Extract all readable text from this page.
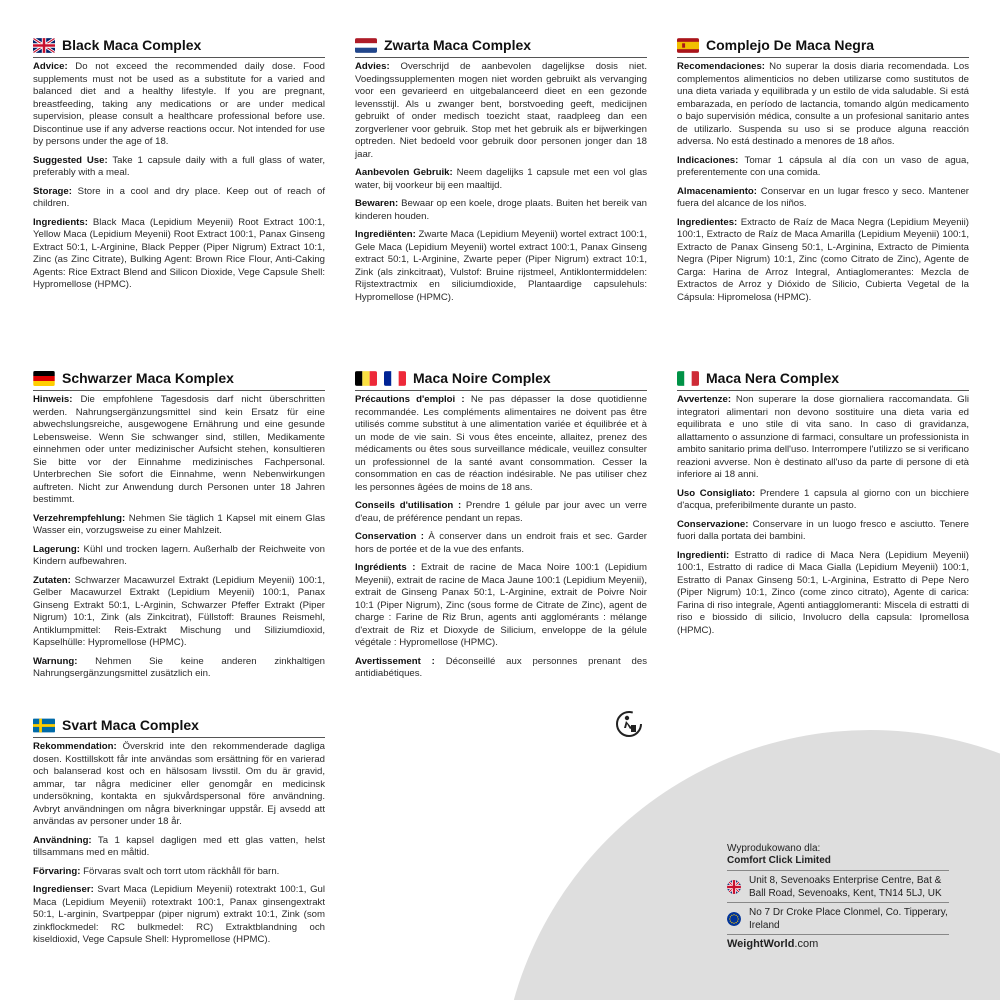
Black Maca Complex
Advice: Do not exceed the recommended daily dose. Food supplements must not be used as a substitute for a varied and balanced diet and a healthy lifestyle. If you are pregnant, breastfeeding, taking any medications or are under medical supervision, please consult a healthcare professional before use. Discontinue use if any adverse reactions occur. Not intended for use by persons under the age of 18.
Suggested Use: Take 1 capsule daily with a full glass of water, preferably with a meal.
Storage: Store in a cool and dry place. Keep out of reach of children.
Ingredients: Black Maca (Lepidium Meyenii) Root Extract 100:1, Yellow Maca (Lepidium Meyenii) Root Extract 100:1, Panax Ginseng Extract 50:1, L-Arginine, Black Pepper (Piper Nigrum) Extract 10:1, Zinc (as Zinc Citrate), Bulking Agent: Brown Rice Flour, Anti-Caking Agents: Rice Extract Blend and Silicon Dioxide, Vege Capsule Shell: Hypromellose (HPMC).
Zwarta Maca Complex
Advies: Overschrijd de aanbevolen dagelijkse dosis niet. Voedingssupplementen mogen niet worden gebruikt als vervanging voor een gevarieerd en uitgebalanceerd dieet en een gezonde levensstijl. Als u zwanger bent, borstvoeding geeft, medicijnen gebruikt of onder medisch toezicht staat, raadpleeg dan een zorgverlener voor gebruik. Stop met het gebruik als er bijwerkingen optreden. Niet bedoeld voor gebruik door personen jonger dan 18 jaar.
Aanbevolen Gebruik: Neem dagelijks 1 capsule met een vol glas water, bij voorkeur bij een maaltijd.
Bewaren: Bewaar op een koele, droge plaats. Buiten het bereik van kinderen houden.
Ingrediënten: Zwarte Maca (Lepidium Meyenii) wortel extract 100:1, Gele Maca (Lepidium Meyenii) wortel extract 100:1, Panax Ginseng extract 50:1, L-Arginine, Zwarte peper (Piper Nigrum) extract 10:1, Zink (als zinkcitraat), Vulstof: Bruine rijstmeel, Antiklontermiddelen: Rijstextractmix en siliciumdioxide, Plantaardige capsulehuls: Hypromellose (HPMC).
Complejo De Maca Negra
Recomendaciones: No superar la dosis diaria recomendada. Los complementos alimenticios no deben utilizarse como sustitutos de una dieta variada y equilibrada y un estilo de vida saludable. Si está embarazada, en período de lactancia, tomando algún medicamento o bajo supervisión médica, consulte a un profesional sanitario antes de utilizarlo. Suspenda su uso si se produce alguna reacción adversa. No está destinado a menores de 18 años.
Indicaciones: Tomar 1 cápsula al día con un vaso de agua, preferentemente con una comida.
Almacenamiento: Conservar en un lugar fresco y seco. Mantener fuera del alcance de los niños.
Ingredientes: Extracto de Raíz de Maca Negra (Lepidium Meyenii) 100:1, Extracto de Raíz de Maca Amarilla (Lepidium Meyenii) 100:1, Extracto de Panax Ginseng 50:1, L-Arginina, Extracto de Pimienta Negra (Piper Nigrum) 10:1, Zinc (como Citrato de Zinc), Agente de Carga: Harina de Arroz Integral, Antiaglomerantes: Mezcla de Extractos de Arroz y Dióxido de Silicio, Cubierta Vegetal de la Cápsula: Hipromelosa (HPMC).
Schwarzer Maca Komplex
Hinweis: Die empfohlene Tagesdosis darf nicht überschritten werden. Nahrungsergänzungsmittel sind kein Ersatz für eine abwechslungsreiche, ausgewogene Ernährung und eine gesunde Lebensweise. Wenn Sie schwanger sind, stillen, Medikamente einnehmen oder unter medizinischer Aufsicht stehen, konsultieren Sie bitte vor der Einnahme medizinisches Fachpersonal. Unterbrechen Sie sofort die Einnahme, wenn Nebenwirkungen auftreten. Nicht zur Anwendung durch Personen unter 18 Jahren bestimmt.
Verzehrempfehlung: Nehmen Sie täglich 1 Kapsel mit einem Glas Wasser ein, vorzugsweise zu einer Mahlzeit.
Lagerung: Kühl und trocken lagern. Außerhalb der Reichweite von Kindern aufbewahren.
Zutaten: Schwarzer Macawurzel Extrakt (Lepidium Meyenii) 100:1, Gelber Macawurzel Extrakt (Lepidium Meyenii) 100:1, Panax Ginseng Extrakt 50:1, L-Arginin, Schwarzer Pfeffer Extrakt (Piper Nigrum) 10:1, Zink (als Zinkcitrat), Füllstoff: Braunes Reismehl, Antiklumpmittel: Reis-Extrakt Mischung und Siliziumdioxid, Kapselhülle: Hypromellose (HPMC).
Warnung: Nehmen Sie keine anderen zinkhaltigen Nahrungsergänzungsmittel zusätzlich ein.
Maca Noire Complex
Précautions d'emploi : Ne pas dépasser la dose quotidienne recommandée. Les compléments alimentaires ne doivent pas être utilisés comme substitut à une alimentation variée et équilibrée et à un mode de vie sain. Si vous êtes enceinte, allaitez, prenez des médicaments ou êtes sous surveillance médicale, veuillez consulter un professionnel de la santé avant consommation. Cesser la consommation en cas de réaction indésirable. Ne pas utiliser chez les personnes âgées de moins de 18 ans.
Conseils d'utilisation : Prendre 1 gélule par jour avec un verre d'eau, de préférence pendant un repas.
Conservation : À conserver dans un endroit frais et sec. Garder hors de portée et de la vue des enfants.
Ingrédients : Extrait de racine de Maca Noire 100:1 (Lepidium Meyenii), extrait de racine de Maca Jaune 100:1 (Lepidium Meyenii), extrait de Ginseng Panax 50:1, L-Arginine, extrait de Poivre Noir 10:1 (Piper Nigrum), Zinc (sous forme de Citrate de Zinc), agent de charge : Farine de Riz Brun, agents anti agglomérants : mélange d'extrait de Riz et Dioxyde de Silicium, enveloppe de la gélule végétale : Hypromellose (HPMC).
Avertissement : Déconseillé aux personnes prenant des antidiabétiques.
Maca Nera Complex
Avvertenze: Non superare la dose giornaliera raccomandata. Gli integratori alimentari non devono sostituire una dieta varia ed equilibrata e uno stile di vita sano. In caso di gravidanza, allattamento o assunzione di farmaci, consultare un professionista in ambito sanitario prima dell'uso. Interrompere l'utilizzo se si verificano reazioni avverse. Non è destinato all'uso da parte di persone di età inferiore ai 18 anni.
Uso Consigliato: Prendere 1 capsula al giorno con un bicchiere d'acqua, preferibilmente durante un pasto.
Conservazione: Conservare in un luogo fresco e asciutto. Tenere fuori dalla portata dei bambini.
Ingredienti: Estratto di radice di Maca Nera (Lepidium Meyenii) 100:1, Estratto di radice di Maca Gialla (Lepidium Meyenii) 100:1, Estratto di Panax Ginseng 50:1, L-Arginina, Estratto di Pepe Nero (Piper Nigrum) 10:1, Zinco (come zinco citrato), Agente di carica: Farina di riso integrale, Agenti antiagglomeranti: Miscela di estratti di riso e biossido di silicio, Involucro della capsula: Ipromellosa (HPMC).
Svart Maca Complex
Rekommendation: Överskrid inte den rekommenderade dagliga dosen. Kosttillskott får inte användas som ersättning för en varierad och balanserad kost och en hälsosam livsstil. Om du är gravid, ammar, tar några mediciner eller genomgår en medicinsk undersökning, kontakta en sjukvårdspersonal före användning. Avbryt användningen om några biverkningar uppstår. Ej avsedd att användas av personer under 18 år.
Användning: Ta 1 kapsel dagligen med ett glas vatten, helst tillsammans med en måltid.
Förvaring: Förvaras svalt och torrt utom räckhåll för barn.
Ingredienser: Svart Maca (Lepidium Meyenii) rotextrakt 100:1, Gul Maca (Lepidium Meyenii) rotextrakt 100:1, Panax ginsengextrakt 50:1, L-arginin, Svartpeppar (piper nigrum) extrakt 10:1, Zink (som zinkflockmedel: RC bulkmedel: RC) Extraktblandning och kiseldioxid, Vege Capsule Shell: Hypromellose (HPMC).
Wyprodukowano dla:
Comfort Click Limited
Unit 8, Sevenoaks Enterprise Centre, Bat & Ball Road, Sevenoaks, Kent, TN14 5LJ, UK
No 7 Dr Croke Place Clonmel, Co. Tipperary, Ireland
WeightWorld.com
